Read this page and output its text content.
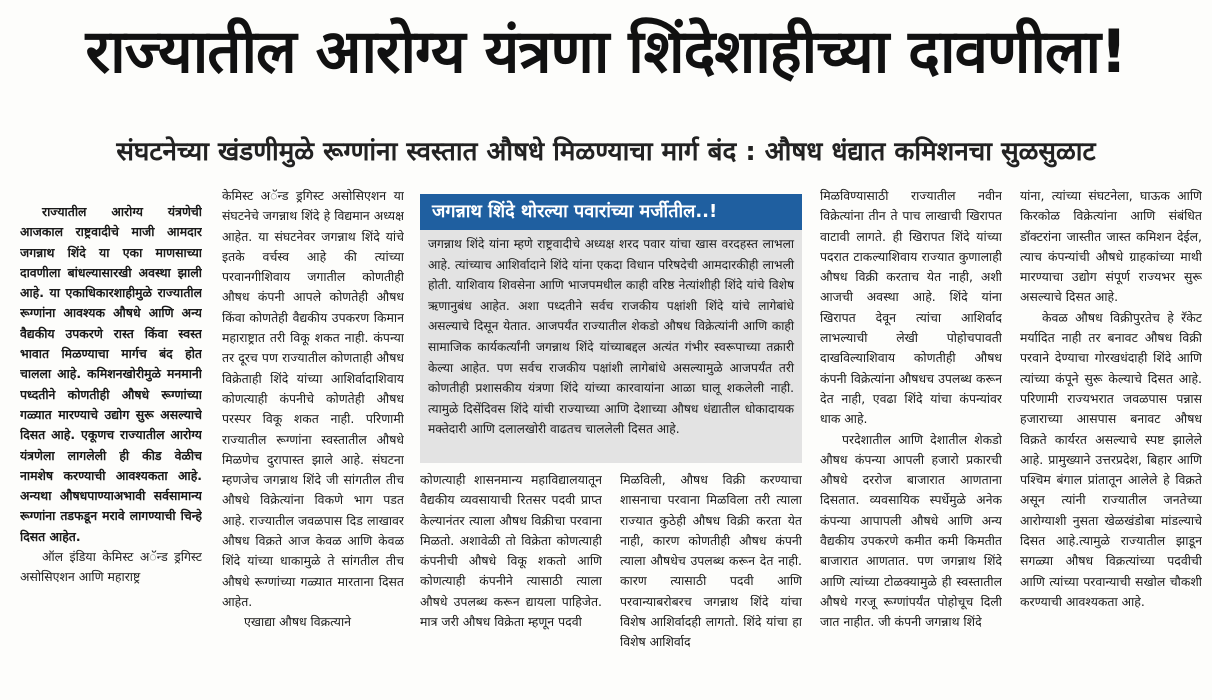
राज्यातील आरोग्य यंत्रणा शिंदेशाहीच्या दावणीला!
संघटनेच्या खंडणीमुळे रूग्णांना स्वस्तात औषधे मिळण्याचा मार्ग बंद : औषध धंद्यात कमिशनचा सुळसुळाट

राज्यातील आरोग्य यंत्रणेची आजकाल राष्ट्रवादीचे माजी आमदार जगन्नाथ शिंदे या एका माणसाच्या दावणीला बांधल्यासारखी अवस्था झाली आहे. या एकाधिकारशाहीमुळे राज्यातील रूग्णांना आवश्यक औषधे आणि अन्य वैद्यकीय उपकरणे रास्त किंवा स्वस्त भावात मिळण्याचा मार्गच बंद होत चालला आहे. कमिशनखोरीमुळे मनमानी पध्दतीने कोणतीही औषधे रूग्णांच्या गळ्यात मारण्याचे उद्योग सुरू असल्याचे दिसत आहे. एकूणच राज्यातील आरोग्य यंत्रणेला लागलेली ही कीड वेळीच नामशेष करण्याची आवश्यकता आहे. अन्यथा औषधपाण्याअभावी सर्वसामान्य रूग्णांना तडफडून मरावे लागण्याची चिन्हे दिसत आहेत.

ऑल इंडिया केमिस्ट अॅन्ड ड्रगिस्ट असोसिएशन आणि महाराष्ट्र

केमिस्ट अॅन्ड ड्रगिस्ट असोसिएशन या संघटनेचे जगन्नाथ शिंदे हे विद्यमान अध्यक्ष आहेत. या संघटनेवर जगन्नाथ शिंदे यांचे इतके वर्चस्व आहे की त्यांच्या परवानगीशिवाय जगातील कोणतीही औषध कंपनी आपले कोणतेही औषध किंवा कोणतेही वैद्यकीय उपकरण किमान महाराष्ट्रात तरी विकू शकत नाही. कंपन्या तर दूरच पण राज्यातील कोणताही औषध विक्रेताही शिंदे यांच्या आशिर्वादाशिवाय कोणत्याही कंपनीचे कोणतेही औषध परस्पर विकू शकत नाही. परिणामी राज्यातील रूग्णांना स्वस्तातील औषधे मिळणेच दुरापास्त झाले आहे. संघटना म्हणजेच जगन्नाथ शिंदे जी सांगतील तीच औषधे विक्रेत्यांना विकणे भाग पडत आहे. राज्यातील जवळपास दिड लाखावर औषध विक्रते आज केवळ आणि केवळ शिंदे यांच्या धाकामुळे ते सांगतील तीच औषधे रूग्णांच्या गळ्यात मारताना दिसत आहेत.

एखाद्या औषध विक्रत्याने

जगन्नाथ शिंदे थोरल्या पवारांच्या मर्जीतील..!

जगन्नाथ शिंदे यांना म्हणे राष्ट्रवादीचे अध्यक्ष शरद पवार यांचा खास वरदहस्त लाभला आहे. त्यांच्याच आशिर्वादाने शिंदे यांना एकदा विधान परिषदेची आमदारकीही लाभली होती. याशिवाय शिवसेना आणि भाजपमधील काही वरिष्ठ नेत्यांशीही शिंदे यांचे विशेष ऋणानुबंध आहेत. अशा पध्दतीने सर्वच राजकीय पक्षांशी शिंदे यांचे लागेबांधे असल्याचे दिसून येतात. आजपर्यंत राज्यातील शेकडो औषध विक्रेत्यांनी आणि काही सामाजिक कार्यकर्त्यांनी जगन्नाथ शिंदे यांच्याबद्दल अत्यंत गंभीर स्वरूपाच्या तक्रारी केल्या आहेत. पण सर्वच राजकीय पक्षांशी लागेबांधे असल्यामुळे आजपर्यंत तरी कोणतीही प्रशासकीय यंत्रणा शिंदे यांच्या कारवायांना आळा घालू शकलेली नाही. त्यामुळे दिसेंदिवस शिंदे यांची राज्याच्या आणि देशाच्या औषध धंद्यातील धोकादायक मक्तेदारी आणि दलालखोरी वाढतच चाललेली दिसत आहे.

कोणत्याही शासनमान्य महाविद्यालयातून वैद्यकीय व्यवसायाची रितसर पदवी प्राप्त केल्यानंतर त्याला औषध विक्रीचा परवाना मिळतो. अशावेळी तो विक्रेता कोणत्याही कंपनीची औषधे विकू शकतो आणि कोणत्याही कंपनीने त्यासाठी त्याला औषधे उपलब्ध करून द्यायला पाहिजेत. मात्र जरी औषध विक्रेता म्हणून पदवी

मिळविली, औषध विक्री करण्याचा शासनाचा परवाना मिळविला तरी त्याला राज्यात कुठेही औषध विक्री करता येत नाही, कारण कोणतीही औषध कंपनी त्याला औषधेच उपलब्ध करून देत नाही. कारण त्यासाठी पदवी आणि परवान्याबरोबरच जगन्नाथ शिंदे यांचा विशेष आशिर्वादही लागतो. शिंदे यांचा हा विशेष आशिर्वाद

मिळविण्यासाठी राज्यातील नवीन विक्रेत्यांना तीन ते पाच लाखाची खिरापत वाटावी लागते. ही खिरापत शिंदे यांच्या पदरात टाकल्याशिवाय राज्यात कुणालाही औषध विक्री करताच येत नाही, अशी आजची अवस्था आहे. शिंदे यांना खिरापत देवून त्यांचा आशिर्वाद लाभल्याची लेखी पोहोचपावती दाखविल्याशिवाय कोणतीही औषध कंपनी विक्रेत्यांना औषधच उपलब्ध करून देत नाही, एवढा शिंदे यांचा कंपन्यांवर धाक आहे.

परदेशातील आणि देशातील शेकडो औषध कंपन्या आपली हजारो प्रकारची औषधे दररोज बाजारात आणताना दिसतात. व्यवसायिक स्पर्धेमुळे अनेक कंपन्या आपापली औषधे आणि अन्य वैद्यकीय उपकरणे कमीत कमी किमतीत बाजारात आणतात. पण जगन्नाथ शिंदे आणि त्यांच्या टोळक्यामुळे ही स्वस्तातील औषधे गरजू रूग्णांपर्यंत पोहोचूच दिली जात नाहीत. जी कंपनी जगन्नाथ शिंदे

यांना, त्यांच्या संघटनेला, घाऊक आणि किरकोळ विक्रेत्यांना आणि संबंधित डॉक्टरांना जास्तीत जास्त कमिशन देईल, त्याच कंपन्यांची औषधे ग्राहकांच्या माथी मारण्याचा उद्योग संपूर्ण राज्यभर सुरू असल्याचे दिसत आहे.

केवळ औषध विक्रीपुरतेच हे रॅकेट मर्यादित नाही तर बनावट औषध विक्री परवाने देण्याचा गोरखधंदाही शिंदे आणि त्यांच्या कंपूने सुरू केल्याचे दिसत आहे. परिणामी राज्यभरात जवळपास पन्नास हजाराच्या आसपास बनावट औषध विक्रते कार्यरत असल्याचे स्पष्ट झालेले आहे. प्रामुख्याने उत्तरप्रदेश, बिहार आणि पश्चिम बंगाल प्रांतातून आलेले हे विक्रते असून त्यांनी राज्यातील जनतेच्या आरोग्याशी नुसता खेळखंडोबा मांडल्याचे दिसत आहे.त्यामुळे राज्यातील झाडून सगळ्या औषध विक्रत्यांच्या पदवीची आणि त्यांच्या परवान्याची सखोल चौकशी करण्याची आवश्यकता आहे.
